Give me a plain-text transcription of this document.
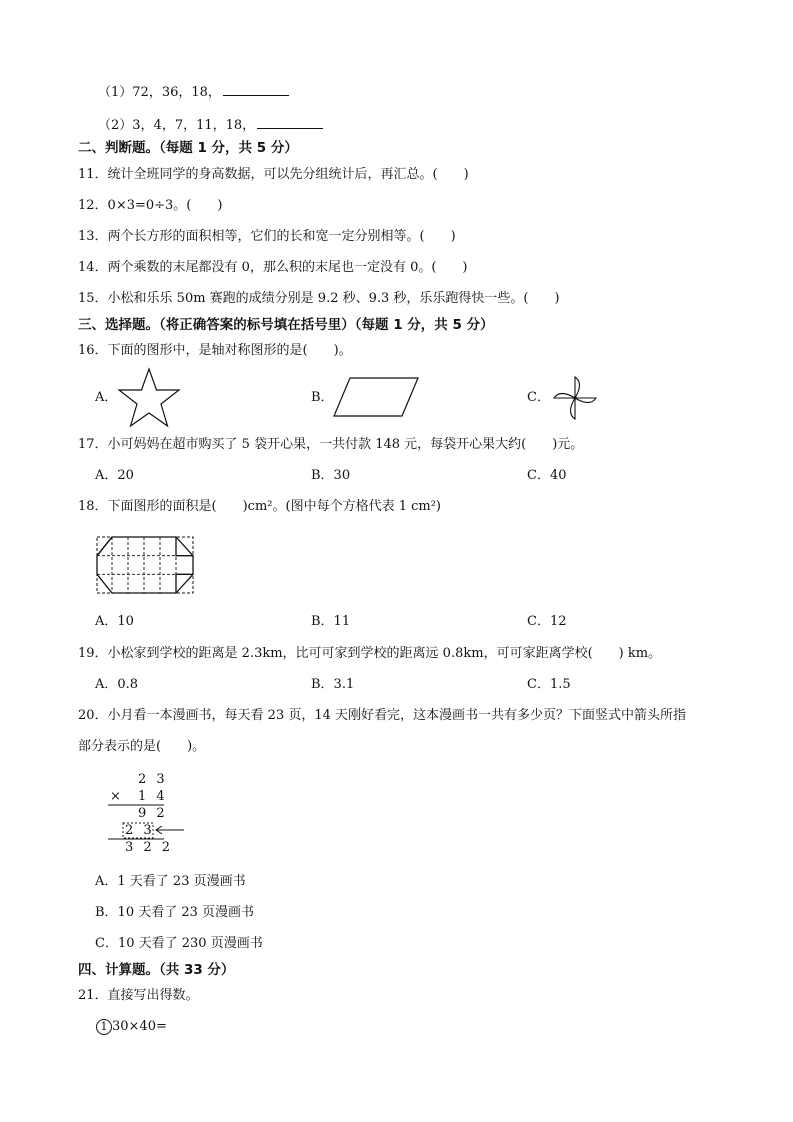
（1）72，36，18，
（2）3，4，7，11，18，
二、判断题。（每题 1 分，共 5 分）
11．统计全班同学的身高数据，可以先分组统计后，再汇总。(　　)
12．0×3=0÷3。(　　)
13．两个长方形的面积相等，它们的长和宽一定分别相等。(　　)
14．两个乘数的末尾都没有 0，那么积的末尾也一定没有 0。(　　)
15．小松和乐乐 50m 赛跑的成绩分别是 9.2 秒、9.3 秒，乐乐跑得快一些。(　　)
三、选择题。（将正确答案的标号填在括号里）（每题 1 分，共 5 分）
16．下面的图形中，是轴对称图形的是(　　)。
A．	B．	C．
17．小可妈妈在超市购买了 5 袋开心果，一共付款 148 元，每袋开心果大约(　　)元。
A．20	B．30	C．40
18．下面图形的面积是(　　)cm²。(图中每个方格代表 1 cm²)
A．10	B．11	C．12
19．小松家到学校的距离是 2.3km，比可可家到学校的距离远 0.8km，可可家距离学校(　　) km。
A．0.8	B．3.1	C．1.5
20．小月看一本漫画书，每天看 23 页，14 天刚好看完，这本漫画书一共有多少页？下面竖式中箭头所指
部分表示的是(　　)。
2 3
× 1 4
9 2
2 3
3 2 2
A．1 天看了 23 页漫画书
B．10 天看了 23 页漫画书
C．10 天看了 230 页漫画书
四、计算题。（共 33 分）
21．直接写出得数。
1 30×40=
